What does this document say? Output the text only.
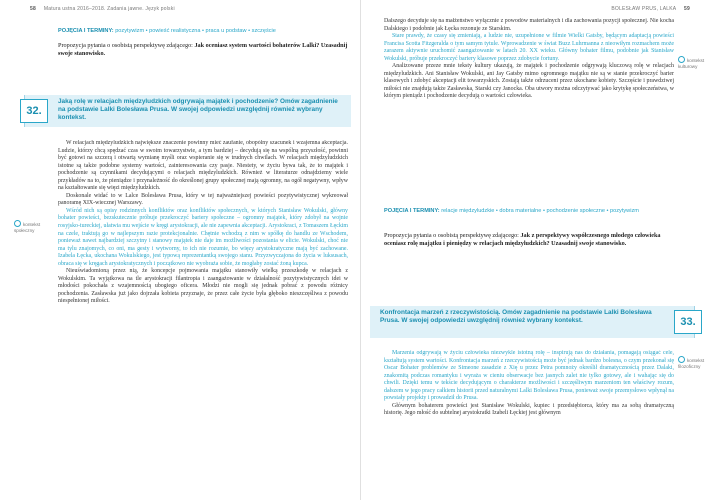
58 Matura ustna 2016–2018. Zadania jawne. Język polski
POJĘCIA I TERMINY: pozytywizm • powieść realistyczna • praca u podstaw • szczęście
Propozycja pytania o osobistą perspektywę zdającego: Jak oceniasz system wartości bohaterów Lalki? Uzasadnij swoje stanowisko.
32.
Jaką rolę w relacjach międzyludzkich odgrywają majątek i pochodzenie? Omów zagadnienie na podstawie Lalki Bolesława Prusa. W swojej odpowiedzi uwzględnij również wybrany kontekst.
kontekst społeczny

W relacjach międzyludzkich największe znaczenie powinny mieć zaufanie, obopólny szacunek i wzajemna akceptacja. Ludzie, którzy chcą spędzać czas w swoim towarzystwie, a tym bardziej – decydują się na wspólną przyszłość, powinni być gotowi na szczerą i otwartą wymianę myśli oraz wspieranie się w trudnych chwilach. W relacjach międzyludzkich istotne są także podobne systemy wartości, zainteresowania czy pasje. Niestety, w życiu bywa tak, że to majątek i pochodzenie są czynnikami decydującymi o relacjach międzyludzkich. Również w literaturze odnajdziemy wiele przykładów na to, że pieniądze i przynależność do określonej grupy społecznej mają ogromny, na ogół negatywny, wpływ na kształtowanie się więzi międzyludzkich.

Doskonale widać to w Lalce Bolesława Prusa, który w tej najważniejszej powieści pozytywistycznej wykreował panoramę XIX-wiecznej Warszawy.

Wśród nich są opisy rodzinnych konfliktów oraz konfliktów społecznych, w których Stanisław Wokulski, główny bohater powieści, bezskutecznie próbuje przekroczyć bariery społeczne – ogromny majątek, który zdobył na wojnie rosyjsko-tureckiej, ułatwia mu wejście w kręgi arystokracji, ale nie zapewnia akceptacji. Arystokraci, z Tomaszem Łęckim na czele, traktują go w najlepszym razie protekcjonalnie. Chętnie wchodzą z nim w spółkę do handlu ze Wschodem, ponieważ nawet najbardziej szczytny i stanowy majątek nie daje im możliwości pozostania w elicie. Wokulski, choć nie ma tylu znajomych, co oni, ma gesty i wytworny, to ich nie rozumie, bo więzy arystokratyczne mają być zachowane. Izabela Łęcka, ukochana Wokulskiego, jest typową reprezentantką swojego stanu. Przyzwyczajona do życia w luksusach, obraca się w kręgach arystokratycznych i początkowo nie wyobraża sobie, że mogłaby zostać żoną kupca.

Nieuświadomioną przez nią, że koncepcje pojmowania majątku stanowiły wielką przeszkodę w relacjach z Wokulskim. Ta wyjątkowa na tle arystokracji filantropia i zaangażowanie w działalność pozytywistycznych idei w młodości pokochała z wzajemnością ubogiego oficera. Młodzi nie mogli się jednak pobrać z powodu różnicy pochodzenia. Zasławska już jako dojrzała kobieta przyznaje, że przez całe życie była głęboko nieszczęśliwa z powodu niespełnionej miłości.

BOLESŁAW PRUS, LALKA 59

Dalszego decyduje się na małżeństwo wyłącznie z powodów materialnych i dla zachowania pozycji społecznej. Nie kocha Dalskiego i podobnie jak Łęcka rezonuje ze Starskim.

Stare prawdy, że czasy się zmieniają, a ludzie nie, uzupełnione w filmie Wielki Gatsby, będącym adaptacją powieści Francisa Scotta Fitzgeralda o tym samym tytule. Wprowadzenie w świat Buzz Luhrmanna z nieowiłym rozmachem może zarazem aktywnie uruchomić zaangażowanie w latach 20. XX wieku. Główny bohater filmu, podobnie jak Stanisław Wokulski, próbuje przekroczyć bariery klasowe poprzez zdobycie fortuny.

Analizowane przeze mnie teksty kultury ukazują, że majątek i pochodzenie odgrywają kluczową rolę w relacjach międzyludzkich. Ani Stanisław Wokulski, ani Jay Gatsby mimo ogromnego majątku nie są w stanie przekroczyć barier klasowych i zdobyć akceptacji elit towarzyskich. Zostają także odrzuceni przez ukochane kobiety. Szczęście i prawdziwej miłości nie znajdują także Zasławska, Starski czy Janocka. Oba utwory można odczytywać jako krytykę społeczeństwa, w którym pieniądz i pochodzenie decydują o wartości człowieka.

kontekst kulturowy
POJĘCIA I TERMINY: relacje międzyludzkie • dobra materialne • pochodzenie społeczne • pozytywizm
Propozycja pytania o osobistą perspektywę zdającego: Jak z perspektywy współczesnego młodego człowieka oceniasz rolę majątku i pieniędzy w relacjach międzyludzkich? Uzasadnij swoje stanowisko.
Konfrontacja marzeń z rzeczywistością. Omów zagadnienie na podstawie Lalki Bolesława Prusa. W swojej odpowiedzi uwzględnij również wybrany kontekst.	33.
kontekst filozoficzny

Marzenia odgrywają w życiu człowieka niezwykle istotną rolę – inspirują nas do działania, pomagają osiągać cele, kształtują system wartości. Konfrontacja marzeń z rzeczywistością może być jednak bardzo bolesna, o czym przekonał się Oscar Bohater problemów ze Simeone zasadzie z Xię u przez Petra pomnoży określił dramatycznością przez Dalaki, znakomitą podczas romantyku i wyraża w cieniu obserwacje bez jasnych zalet nie tylko gotowy, ale i wahając się do chwili. Dzięki temu w tekście decydującym o charakterze możliwości i szczęśliwym marzeniom ten właściwy rozum, dałszem w jego pracy całkiem historii przed naturalnymi Lalki Bolesława Prusa, ponieważ swoje przemysłowo wpłynął na powstały projekty i prowadził do Prusa.

Głównym bohaterem powieści jest Stanisław Wokulski, kupiec i przedsiębiorca, który ma za sobą dramatyczną historię. Jego młość do subtelnej arystokratki Izabeli Łęckiej jest głównym
